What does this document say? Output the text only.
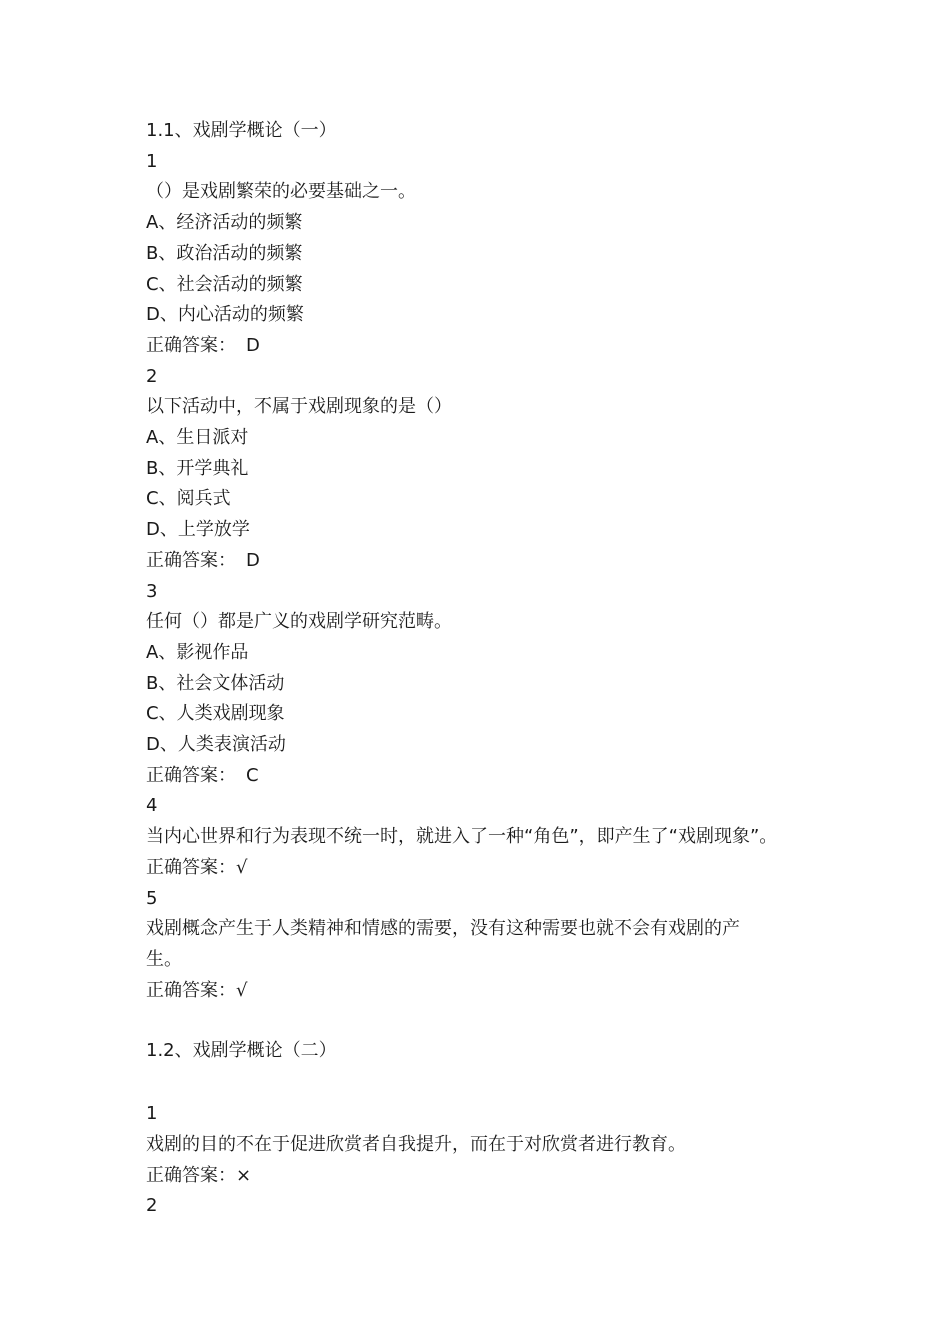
1.1、戏剧学概论（一）
1
（）是戏剧繁荣的必要基础之一。
A、经济活动的频繁
B、政治活动的频繁
C、社会活动的频繁
D、内心活动的频繁
正确答案： D
2
以下活动中，不属于戏剧现象的是（）
A、生日派对
B、开学典礼
C、阅兵式
D、上学放学
正确答案： D
3
任何（）都是广义的戏剧学研究范畴。
A、影视作品
B、社会文体活动
C、人类戏剧现象
D、人类表演活动
正确答案： C
4
当内心世界和行为表现不统一时，就进入了一种“角色”，即产生了“戏剧现象”。
正确答案：√
5
戏剧概念产生于人类精神和情感的需要，没有这种需要也就不会有戏剧的产
生。
正确答案：√
1.2、戏剧学概论（二）
1
戏剧的目的不在于促进欣赏者自我提升，而在于对欣赏者进行教育。
正确答案：×
2
